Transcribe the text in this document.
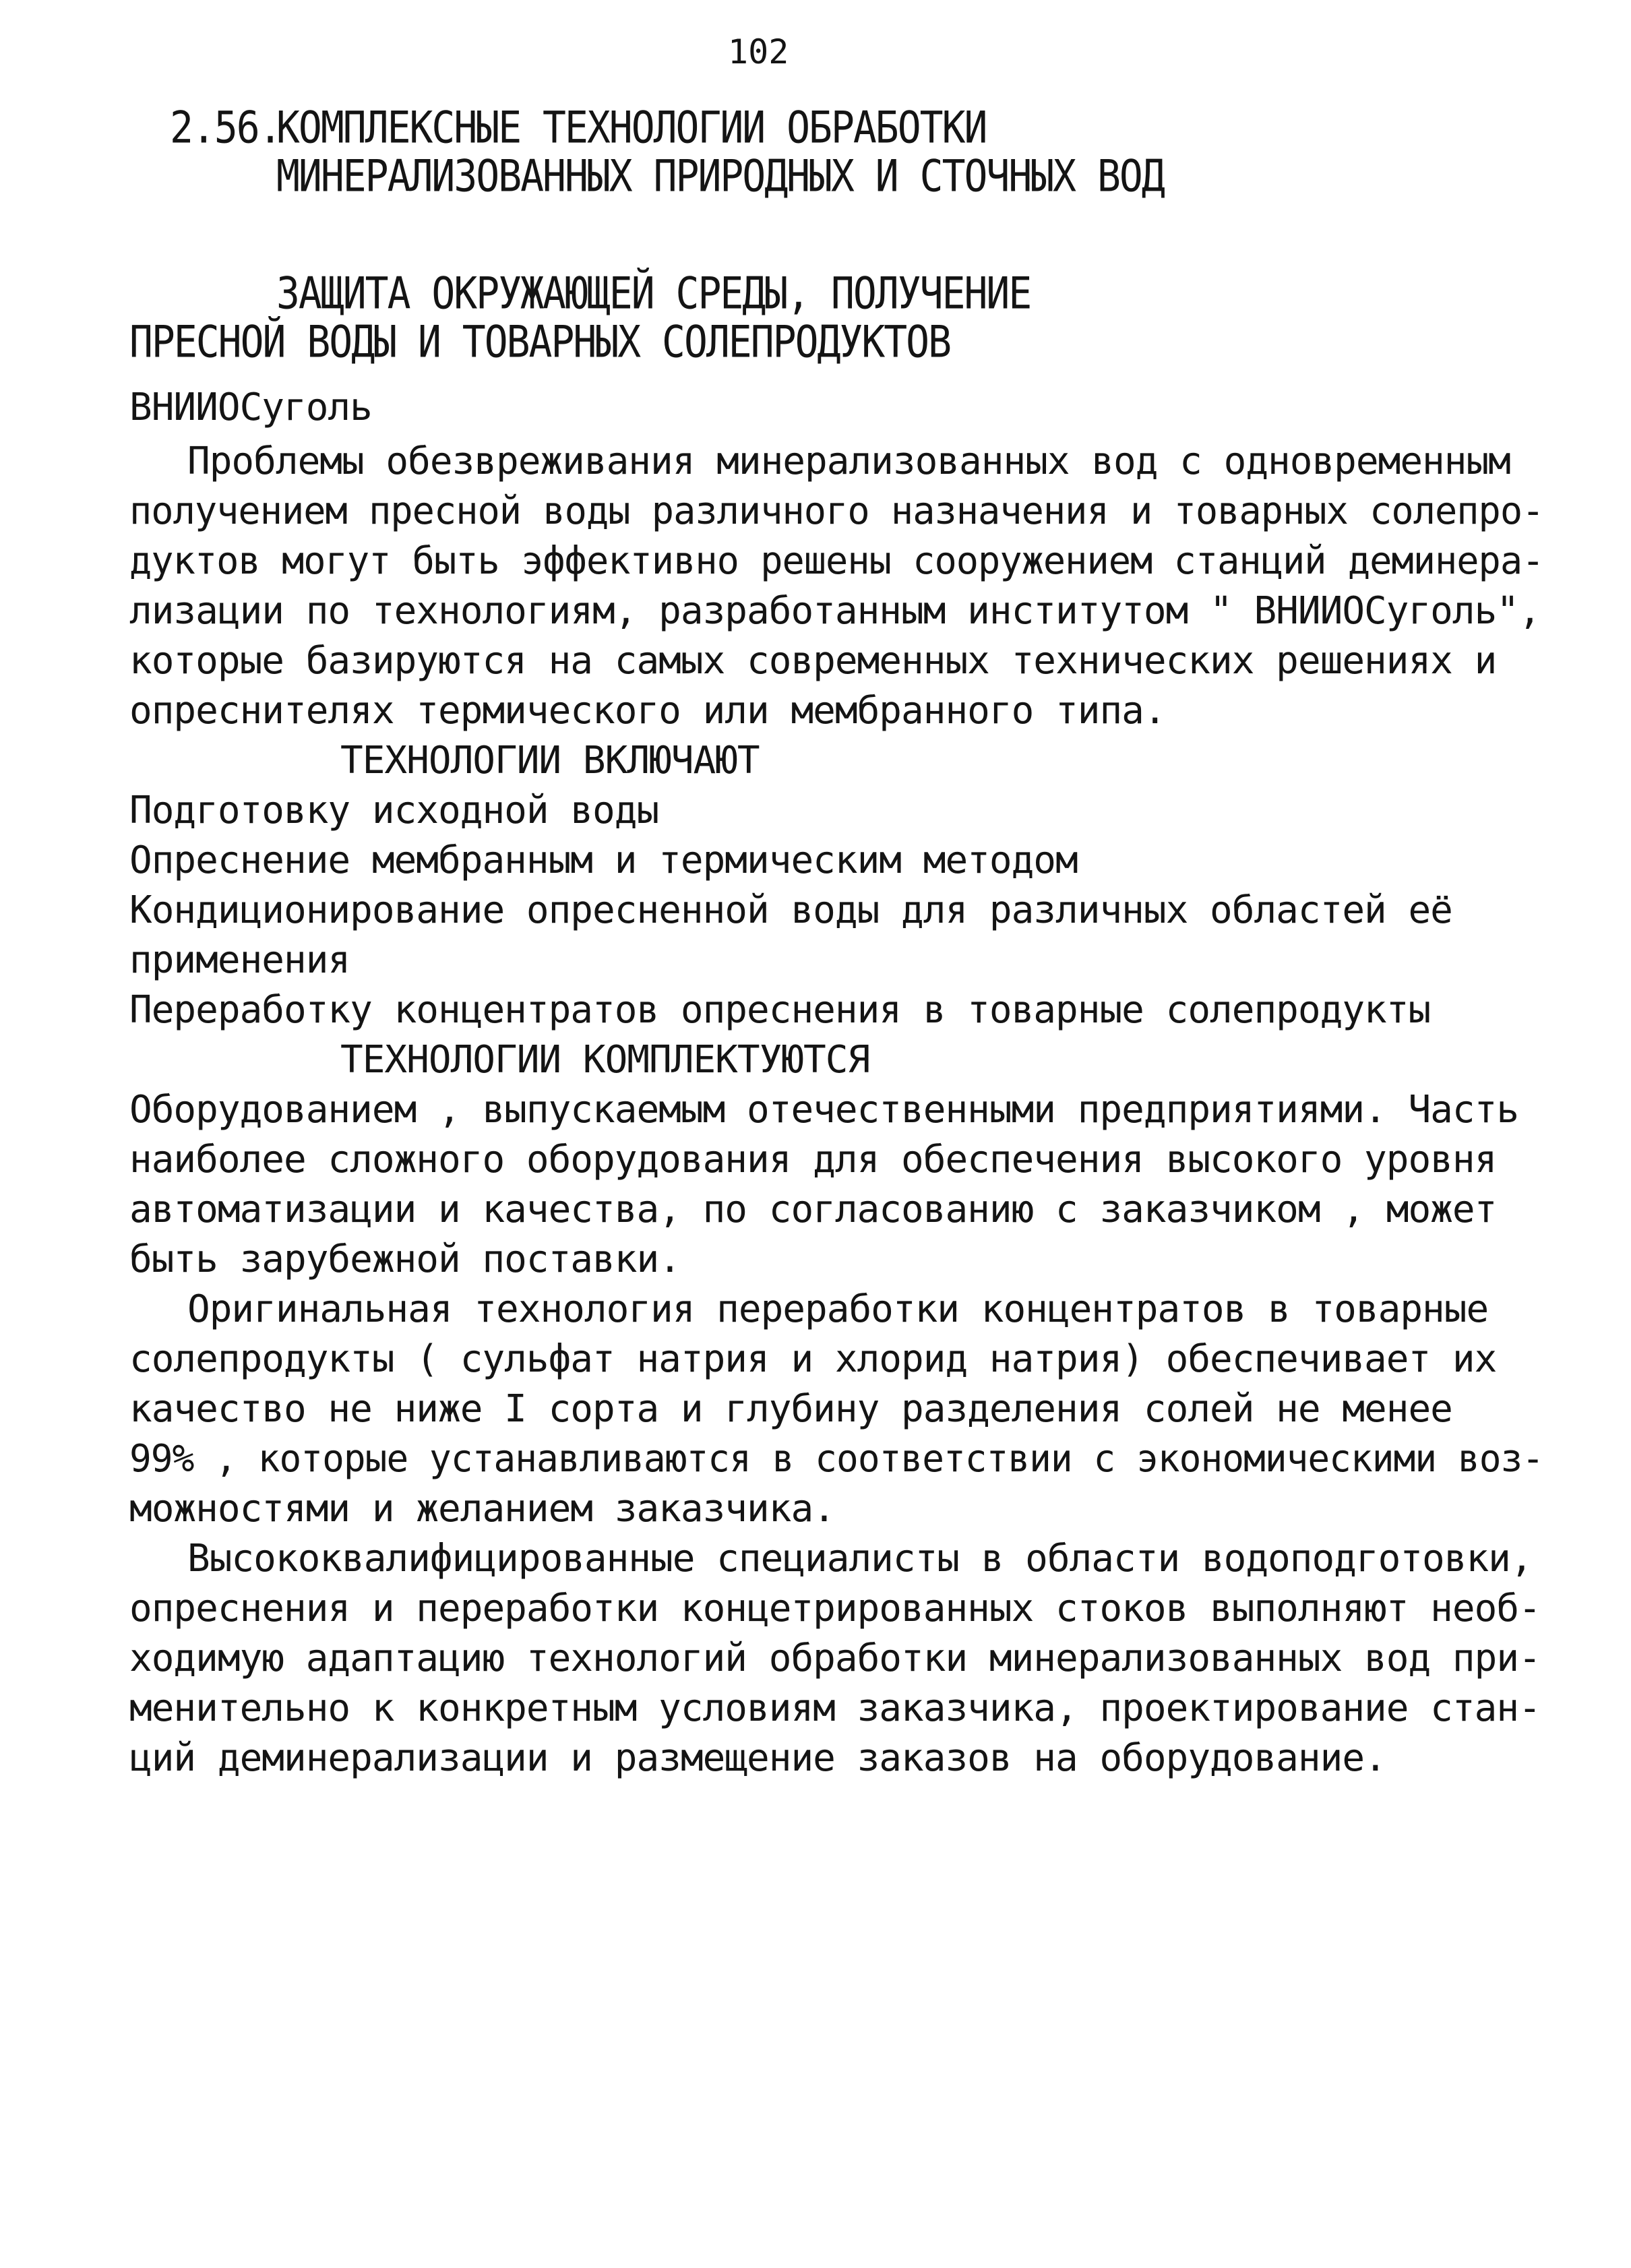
102
2.56.
КОМПЛЕКСНЫЕ ТЕХНОЛОГИИ ОБРАБОТКИ
МИНЕРАЛИЗОВАННЫХ ПРИРОДНЫХ И СТОЧНЫХ ВОД
ЗАЩИТА ОКРУЖАЮЩЕЙ СРЕДЫ, ПОЛУЧЕНИЕ
ПРЕСНОЙ ВОДЫ И ТОВАРНЫХ СОЛЕПРОДУКТОВ
ВНИИОСуголь
Проблемы обезвреживания минерализованных вод с одновременным
получением пресной воды различного назначения и товарных солепро-
дуктов могут быть эффективно решены сооружением станций деминера-
лизации по технологиям, разработанным институтом " ВНИИОСуголь",
которые базируются на самых современных технических решениях и
опреснителях термического или мембранного типа.
ТЕХНОЛОГИИ ВКЛЮЧАЮТ
Подготовку исходной воды
Опреснение мембранным и термическим методом
Кондиционирование опресненной воды для различных областей её
применения
Переработку концентратов опреснения в товарные солепродукты
ТЕХНОЛОГИИ КОМПЛЕКТУЮТСЯ
Оборудованием , выпускаемым отечественными предприятиями. Часть
наиболее сложного оборудования для обеспечения высокого уровня
автоматизации и качества, по согласованию с заказчиком , может
быть зарубежной поставки.
Оригинальная технология переработки концентратов в товарные
солепродукты ( сульфат натрия и хлорид натрия) обеспечивает их
качество не ниже I сорта и глубину разделения солей не менее
99% , которые устанавливаются в соответствии с экономическими воз-
можностями и желанием заказчика.
Высококвалифицированные специалисты в области водоподготовки,
опреснения и переработки концетрированных стоков выполняют необ-
ходимую адаптацию технологий обработки минерализованных вод при-
менительно к конкретным условиям заказчика, проектирование стан-
ций деминерализации и размещение заказов на оборудование.
